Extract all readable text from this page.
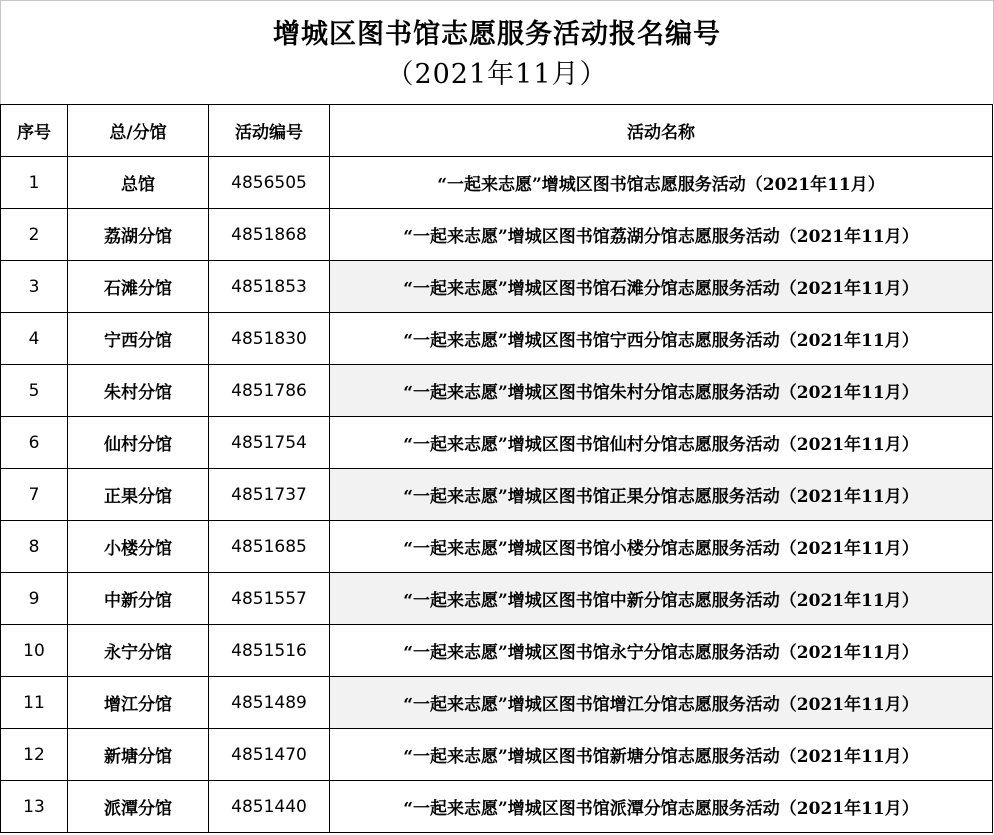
增城区图书馆志愿服务活动报名编号
（2021年11月）
序号	总/分馆	活动编号	活动名称
1	总馆	4856505	“一起来志愿”增城区图书馆志愿服务活动（2021年11月）
2	荔湖分馆	4851868	“一起来志愿”增城区图书馆荔湖分馆志愿服务活动（2021年11月）
3	石滩分馆	4851853	“一起来志愿”增城区图书馆石滩分馆志愿服务活动（2021年11月）
4	宁西分馆	4851830	“一起来志愿”增城区图书馆宁西分馆志愿服务活动（2021年11月）
5	朱村分馆	4851786	“一起来志愿”增城区图书馆朱村分馆志愿服务活动（2021年11月）
6	仙村分馆	4851754	“一起来志愿”增城区图书馆仙村分馆志愿服务活动（2021年11月）
7	正果分馆	4851737	“一起来志愿”增城区图书馆正果分馆志愿服务活动（2021年11月）
8	小楼分馆	4851685	“一起来志愿”增城区图书馆小楼分馆志愿服务活动（2021年11月）
9	中新分馆	4851557	“一起来志愿”增城区图书馆中新分馆志愿服务活动（2021年11月）
10	永宁分馆	4851516	“一起来志愿”增城区图书馆永宁分馆志愿服务活动（2021年11月）
11	增江分馆	4851489	“一起来志愿”增城区图书馆增江分馆志愿服务活动（2021年11月）
12	新塘分馆	4851470	“一起来志愿”增城区图书馆新塘分馆志愿服务活动（2021年11月）
13	派潭分馆	4851440	“一起来志愿”增城区图书馆派潭分馆志愿服务活动（2021年11月）
